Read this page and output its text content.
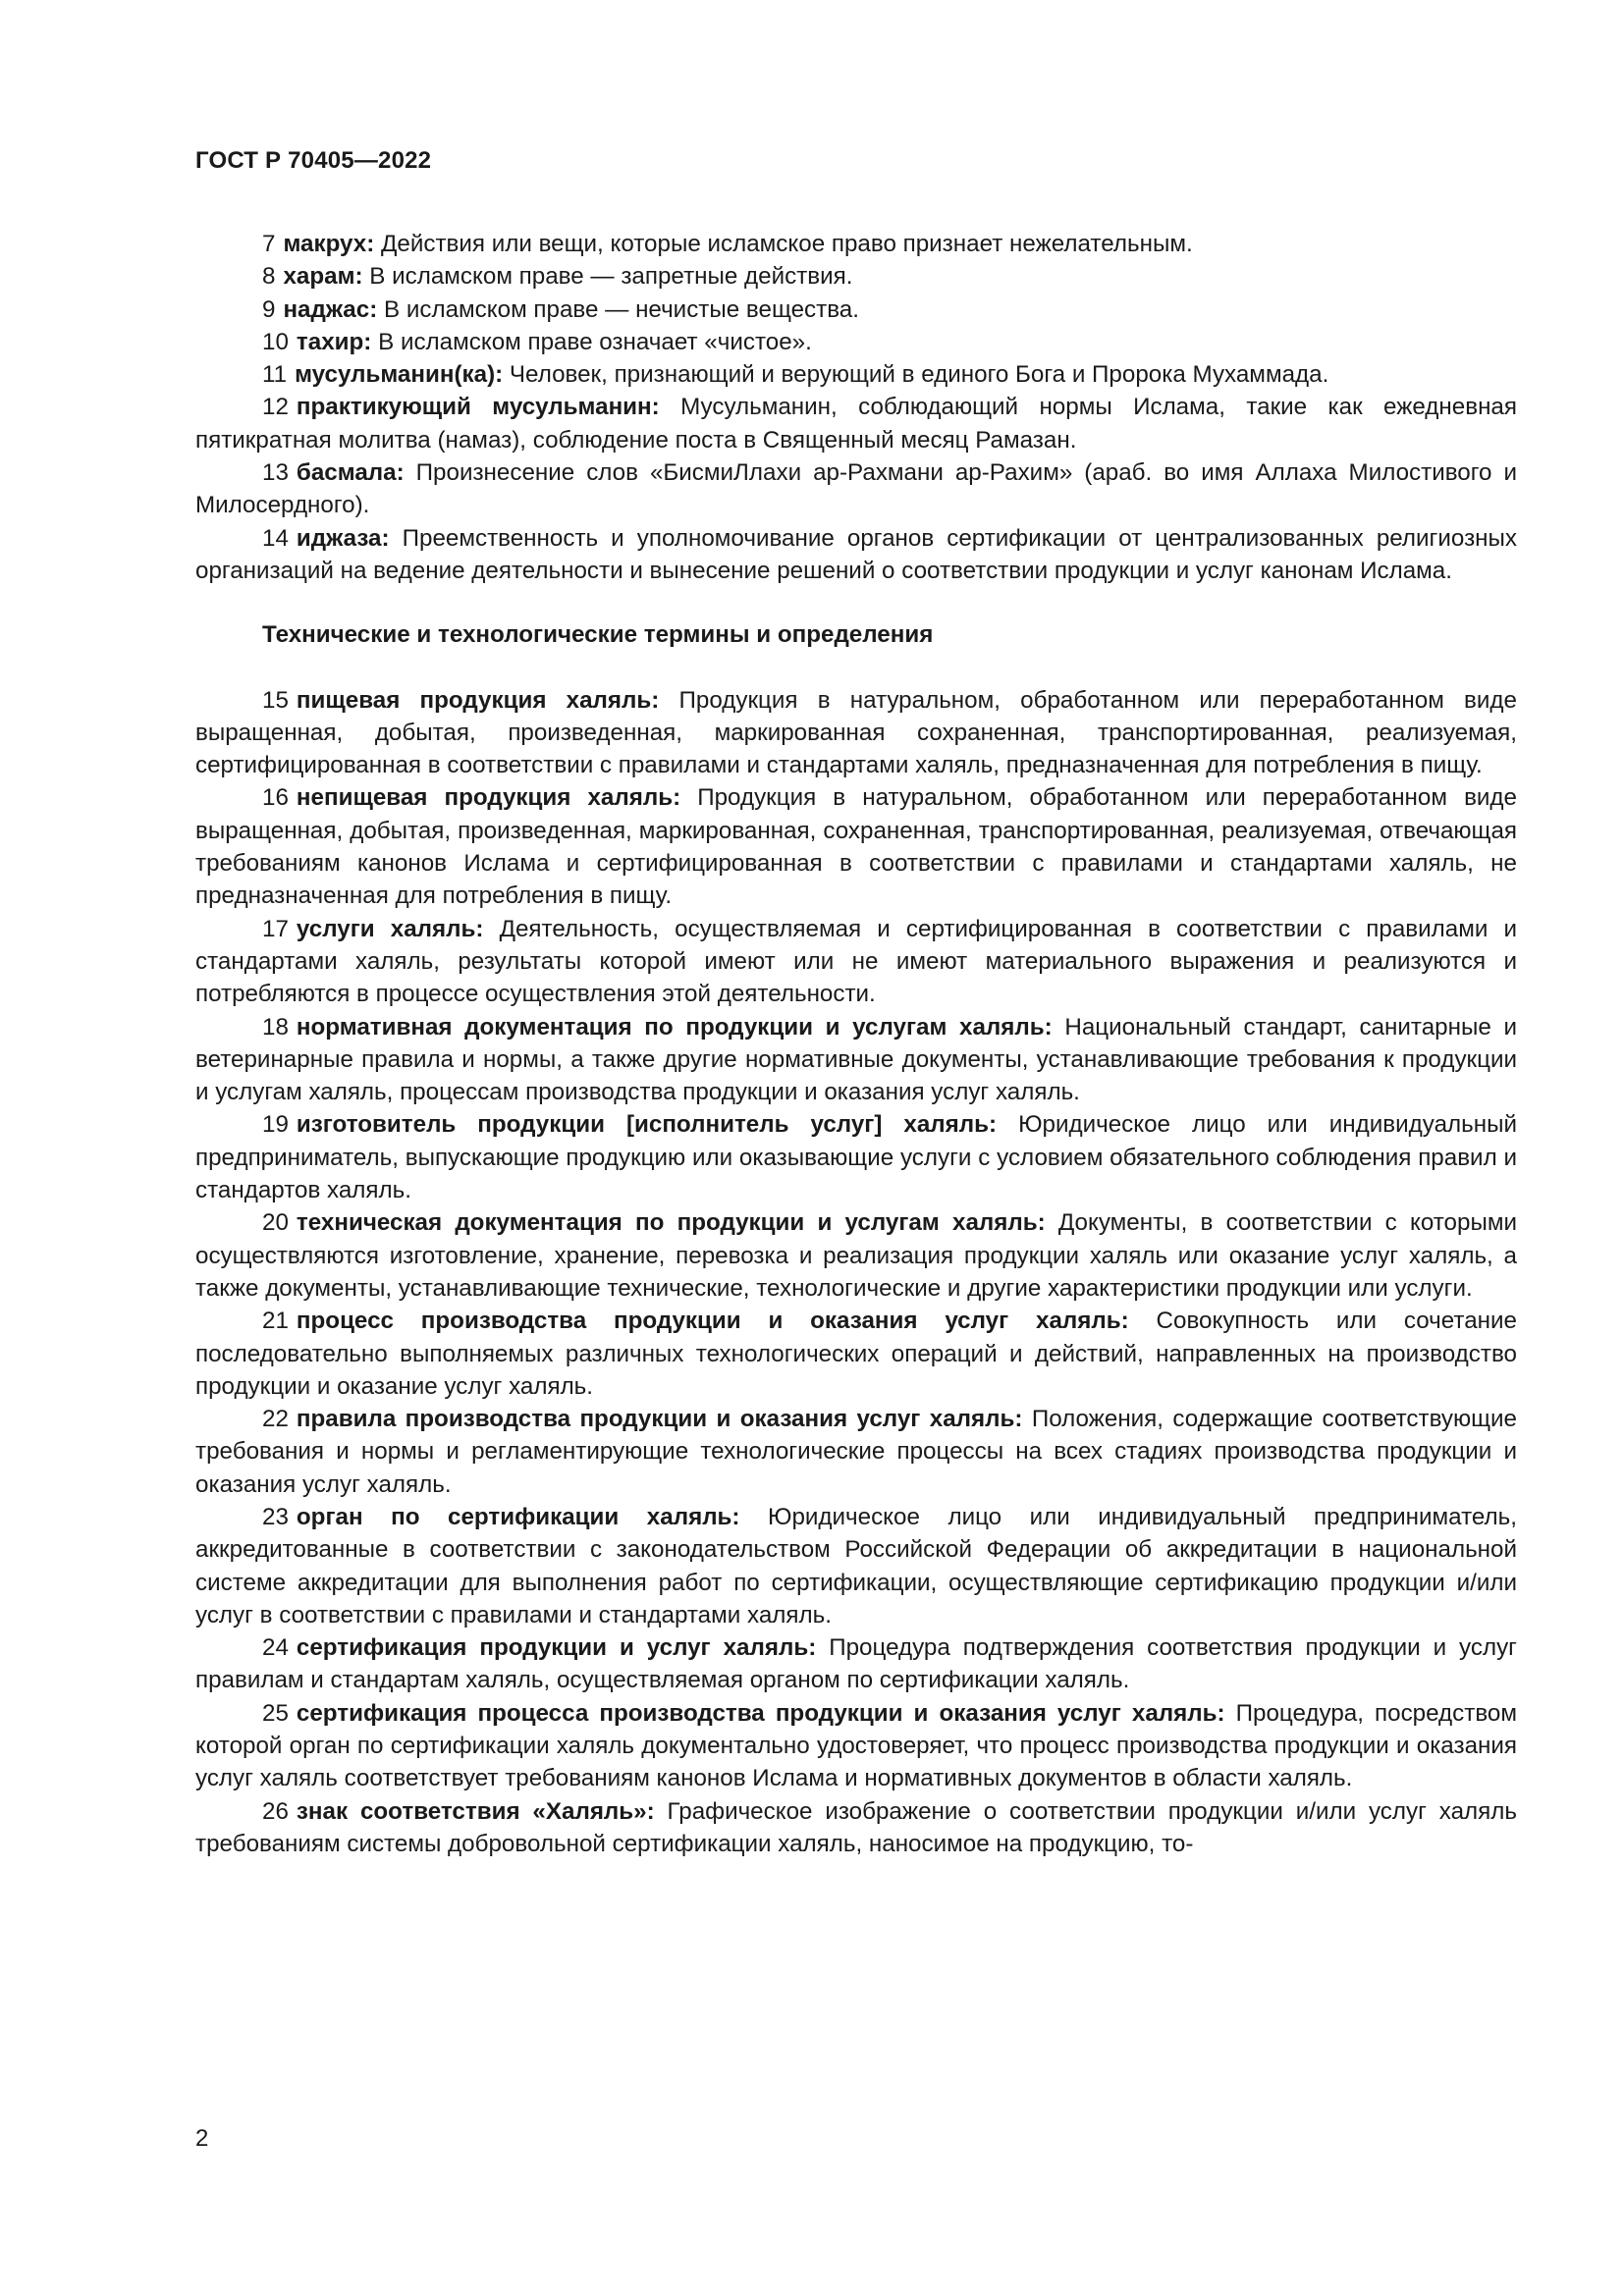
ГОСТ Р 70405—2022

7 макрух: Действия или вещи, которые исламское право признает нежелательным.

8 харам: В исламском праве — запретные действия.

9 наджас: В исламском праве — нечистые вещества.

10 тахир: В исламском праве означает «чистое».

11 мусульманин(ка): Человек, признающий и верующий в единого Бога и Пророка Мухаммада.

12 практикующий мусульманин: Мусульманин, соблюдающий нормы Ислама, такие как ежедневная пятикратная молитва (намаз), соблюдение поста в Священный месяц Рамазан.

13 басмала: Произнесение слов «БисмиЛлахи ар-Рахмани ар-Рахим» (араб. во имя Аллаха Милостивого и Милосердного).

14 иджаза: Преемственность и уполномочивание органов сертификации от централизованных религиозных организаций на ведение деятельности и вынесение решений о соответствии продукции и услуг канонам Ислама.

Технические и технологические термины и определения

15 пищевая продукция халяль: Продукция в натуральном, обработанном или переработанном виде выращенная, добытая, произведенная, маркированная сохраненная, транспортированная, реализуемая, сертифицированная в соответствии с правилами и стандартами халяль, предназначенная для потребления в пищу.

16 непищевая продукция халяль: Продукция в натуральном, обработанном или переработанном виде выращенная, добытая, произведенная, маркированная, сохраненная, транспортированная, реализуемая, отвечающая требованиям канонов Ислама и сертифицированная в соответствии с правилами и стандартами халяль, не предназначенная для потребления в пищу.

17 услуги халяль: Деятельность, осуществляемая и сертифицированная в соответствии с правилами и стандартами халяль, результаты которой имеют или не имеют материального выражения и реализуются и потребляются в процессе осуществления этой деятельности.

18 нормативная документация по продукции и услугам халяль: Национальный стандарт, санитарные и ветеринарные правила и нормы, а также другие нормативные документы, устанавливающие требования к продукции и услугам халяль, процессам производства продукции и оказания услуг халяль.

19 изготовитель продукции [исполнитель услуг] халяль: Юридическое лицо или индивидуальный предприниматель, выпускающие продукцию или оказывающие услуги с условием обязательного соблюдения правил и стандартов халяль.

20 техническая документация по продукции и услугам халяль: Документы, в соответствии с которыми осуществляются изготовление, хранение, перевозка и реализация продукции халяль или оказание услуг халяль, а также документы, устанавливающие технические, технологические и другие характеристики продукции или услуги.

21 процесс производства продукции и оказания услуг халяль: Совокупность или сочетание последовательно выполняемых различных технологических операций и действий, направленных на производство продукции и оказание услуг халяль.

22 правила производства продукции и оказания услуг халяль: Положения, содержащие соответствующие требования и нормы и регламентирующие технологические процессы на всех стадиях производства продукции и оказания услуг халяль.

23 орган по сертификации халяль: Юридическое лицо или индивидуальный предприниматель, аккредитованные в соответствии с законодательством Российской Федерации об аккредитации в национальной системе аккредитации для выполнения работ по сертификации, осуществляющие сертификацию продукции и/или услуг в соответствии с правилами и стандартами халяль.

24 сертификация продукции и услуг халяль: Процедура подтверждения соответствия продукции и услуг правилам и стандартам халяль, осуществляемая органом по сертификации халяль.

25 сертификация процесса производства продукции и оказания услуг халяль: Процедура, посредством которой орган по сертификации халяль документально удостоверяет, что процесс производства продукции и оказания услуг халяль соответствует требованиям канонов Ислама и нормативных документов в области халяль.

26 знак соответствия «Халяль»: Графическое изображение о соответствии продукции и/или услуг халяль требованиям системы добровольной сертификации халяль, наносимое на продукцию, то-

2
